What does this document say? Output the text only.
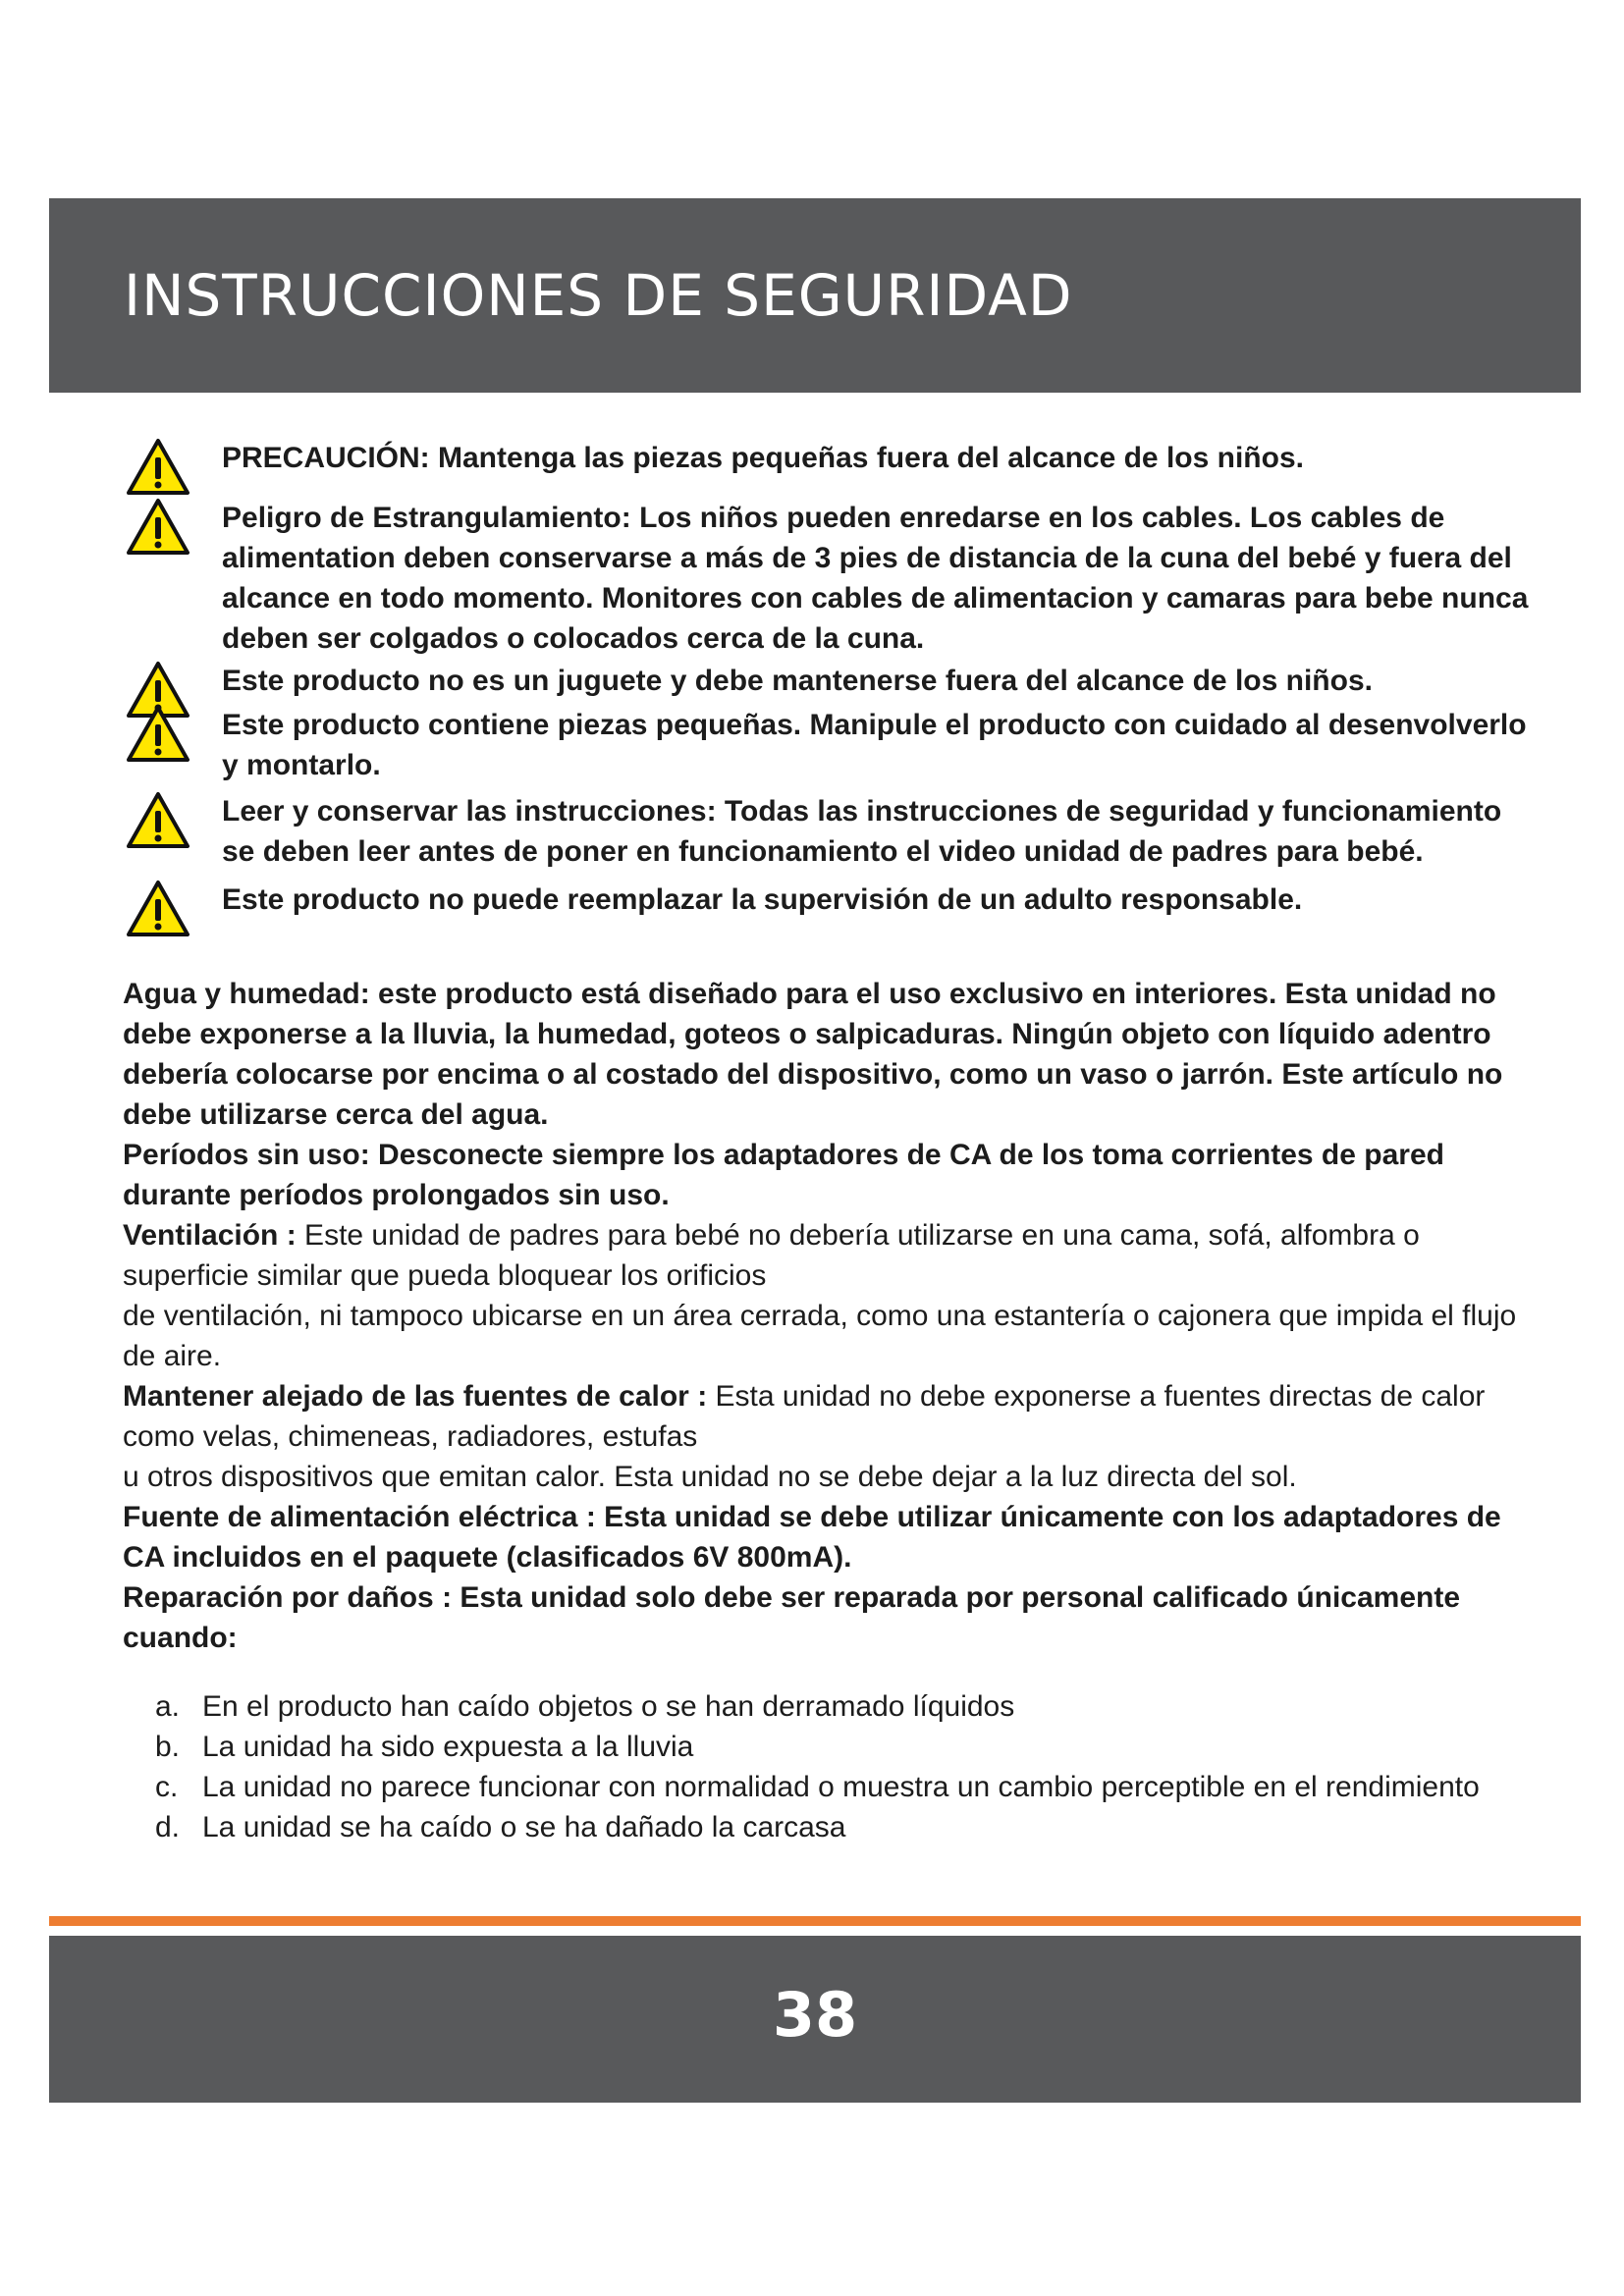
INSTRUCCIONES DE SEGURIDAD
PRECAUCIÓN: Mantenga las piezas pequeñas fuera del alcance de los niños.
Peligro de Estrangulamiento: Los niños pueden enredarse en los cables. Los cables de alimentation deben conservarse a más de 3 pies de distancia de la cuna del bebé y fuera del alcance en todo momento. Monitores con cables de alimentacion y camaras para bebe nunca deben ser colgados o colocados cerca de la cuna.
Este producto no es un juguete y debe mantenerse fuera del alcance de los niños.
Este producto contiene piezas pequeñas. Manipule el producto con cuidado al desenvolverlo y montarlo.
Leer y conservar las instrucciones: Todas las instrucciones de seguridad y funcionamiento se deben leer antes de poner en funcionamiento el video unidad de padres para bebé.
Este producto no puede reemplazar la supervisión de un adulto responsable.

Agua y humedad: este producto está diseñado para el uso exclusivo en interiores. Esta unidad no debe exponerse a la lluvia, la humedad, goteos o salpicaduras. Ningún objeto con líquido adentro debería colocarse por encima o al costado del dispositivo, como un vaso o jarrón. Este artículo no debe utilizarse cerca del agua.

Períodos sin uso: Desconecte siempre los adaptadores de CA de los toma corrientes de pared durante períodos prolongados sin uso.

Ventilación : Este unidad de padres para bebé no debería utilizarse en una cama, sofá, alfombra o superficie similar que pueda bloquear los orificios

de ventilación, ni tampoco ubicarse en un área cerrada, como una estantería o cajonera que impida el flujo de aire.

Mantener alejado de las fuentes de calor : Esta unidad no debe exponerse a fuentes directas de calor como velas, chimeneas, radiadores, estufas

u otros dispositivos que emitan calor. Esta unidad no se debe dejar a la luz directa del sol.

Fuente de alimentación eléctrica : Esta unidad se debe utilizar únicamente con los adaptadores de CA incluidos en el paquete (clasificados 6V 800mA).

Reparación por daños : Esta unidad solo debe ser reparada por personal calificado únicamente cuando:

a. En el producto han caído objetos o se han derramado líquidos
b. La unidad ha sido expuesta a la lluvia
c. La unidad no parece funcionar con normalidad o muestra un cambio perceptible en el rendimiento
d. La unidad se ha caído o se ha dañado la carcasa
38
